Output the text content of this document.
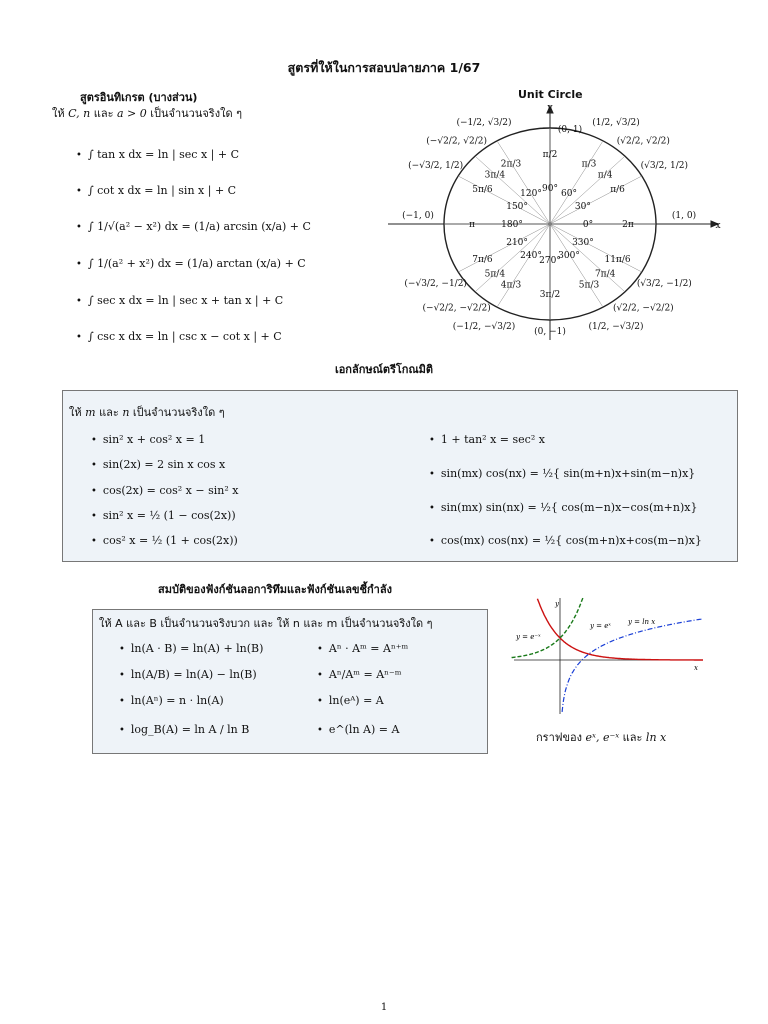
สูตรที่ให้ในการสอบปลายภาค 1/67
สูตรอินทิเกรต (บางส่วน)
ให้ C, n และ a > 0 เป็นจำนวนจริงใด ๆ
• ∫ tan x dx = ln | sec x | + C
• ∫ cot x dx = ln | sin x | + C
• ∫ 1/√(a² − x²) dx = (1/a) arcsin (x/a) + C
• ∫ 1/(a² + x²) dx = (1/a) arctan (x/a) + C
• ∫ sec x dx = ln | sec x + tan x | + C
• ∫ csc x dx = ln | csc x − cot x | + C
Unit Circle
90° 60°
30°
0°
330°
300°
270°
240°
210°
180°
150°
120°
π/2
π/3
π/4
π/6
2π
11π/6
7π/4
5π/3
3π/2
4π/3
5π/4
7π/6
π
5π/6
3π/4
2π/3
(1/2, √3/2)
(√2/2, √2/2)
(√3/2, 1/2)
(√3/2, −1/2)
(√2/2, −√2/2)
(1/2, −√3/2)
(−1/2, −√3/2)
(−√2/2, −√2/2)
(−√3/2, −1/2)
(−√3/2, 1/2)
(−√2/2, √2/2)
(−1/2, √3/2)
(0, 1)
(−1, 0)	(1, 0)
(0, −1)
x
y
เอกลักษณ์ตรีโกณมิติ
ให้ m และ n เป็นจำนวนจริงใด ๆ
• sin² x + cos² x = 1
• sin(2x) = 2 sin x cos x
• cos(2x) = cos² x − sin² x
• sin² x = ½ (1 − cos(2x))
• cos² x = ½ (1 + cos(2x))
• 1 + tan² x = sec² x
• sin(mx) cos(nx) = ½{ sin(m+n)x+sin(m−n)x}
• sin(mx) sin(nx) = ½{ cos(m−n)x−cos(m+n)x}
• cos(mx) cos(nx) = ½{ cos(m+n)x+cos(m−n)x}
สมบัติของฟังก์ชันลอการิทึมและฟังก์ชันเลขชี้กำลัง
ให้ A และ B เป็นจำนวนจริงบวก และ ให้ n และ m เป็นจำนวนจริงใด ๆ
• ln(A · B) = ln(A) + ln(B)
• ln(A/B) = ln(A) − ln(B)
• ln(Aⁿ) = n · ln(A)
• log_B(A) = ln A / ln B
• Aⁿ · Aᵐ = Aⁿ⁺ᵐ
• Aⁿ/Aᵐ = Aⁿ⁻ᵐ
• ln(eᴬ) = A
• e^(ln A) = A
x
y
y = e⁻ˣ
y = eˣ y = ln x
กราฟของ eˣ, e⁻ˣ และ ln x
1
